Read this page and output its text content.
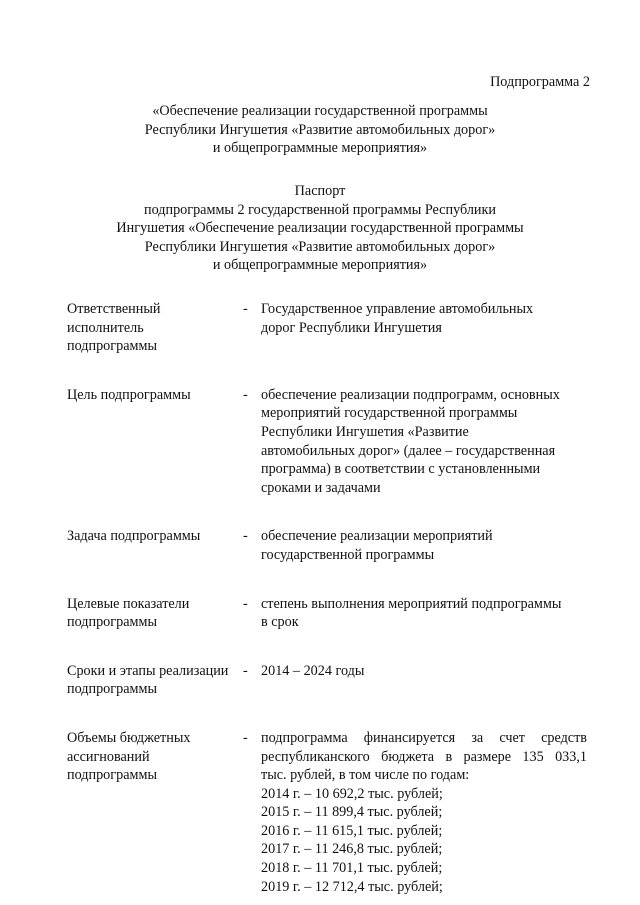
Подпрограмма 2
«Обеспечение реализации государственной программы
Республики Ингушетия «Развитие автомобильных дорог»
и общепрограммные мероприятия»
Паспорт
подпрограммы 2 государственной программы Республики
Ингушетия «Обеспечение реализации государственной программы
Республики Ингушетия «Развитие автомобильных дорог»
и общепрограммные мероприятия»
Ответственный
исполнитель
подпрограммы
- Государственное управление автомобильных
дорог Республики Ингушетия
Цель подпрограммы	- обеспечение реализации подпрограмм, основных
мероприятий государственной программы
Республики Ингушетия «Развитие
автомобильных дорог» (далее – государственная
программа) в соответствии с установленными
сроками и задачами
Задача подпрограммы	- обеспечение реализации мероприятий
государственной программы
Целевые показатели
подпрограммы
- степень выполнения мероприятий подпрограммы
в срок
Сроки и этапы реализации
подпрограммы
- 2014 – 2024 годы
Объемы бюджетных
ассигнований
подпрограммы
- подпрограмма финансируется за счет средств
республиканского бюджета в размере 135 033,1
тыс. рублей, в том числе по годам:
2014 г. – 10 692,2 тыс. рублей;
2015 г. – 11 899,4 тыс. рублей;
2016 г. – 11 615,1 тыс. рублей;
2017 г. – 11 246,8 тыс. рублей;
2018 г. – 11 701,1 тыс. рублей;
2019 г. – 12 712,4 тыс. рублей;
